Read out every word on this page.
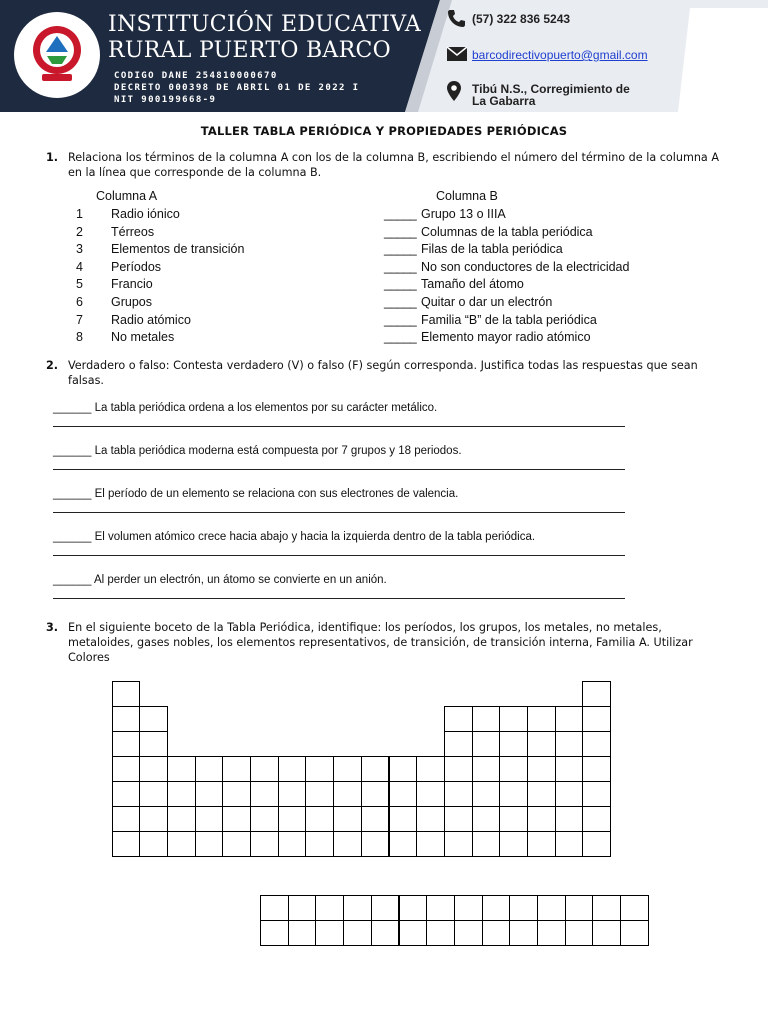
INSTITUCIÓN EDUCATIVA
RURAL PUERTO BARCO
CODIGO DANE 254810000670
DECRETO 000398 DE ABRIL 01 DE 2022 I
NIT 900199668-9
(57) 322 836 5243
barcodirectivopuerto@gmail.com
Tibú N.S., Corregimiento de
La Gabarra
TALLER TABLA PERIÓDICA Y PROPIEDADES PERIÓDICAS
1. Relaciona los términos de la columna A con los de la columna B, escribiendo el número del término de la columna A en la línea que corresponde de la columna B.
Columna A	Columna B
1 Radio iónico	_____ Grupo 13 o IIIA
2 Térreos	_____ Columnas de la tabla periódica
3 Elementos de transición	_____ Filas de la tabla periódica
4 Períodos	_____ No son conductores de la electricidad
5 Francio	_____ Tamaño del átomo
6 Grupos	_____ Quitar o dar un electrón
7 Radio atómico	_____ Familia “B” de la tabla periódica
8 No metales	_____ Elemento mayor radio atómico
2. Verdadero o falso: Contesta verdadero (V) o falso (F) según corresponda. Justifica todas las respuestas que sean falsas.
______ La tabla periódica ordena a los elementos por su carácter metálico.
______ La tabla periódica moderna está compuesta por 7 grupos y 18 periodos.
______ El período de un elemento se relaciona con sus electrones de valencia.
______ El volumen atómico crece hacia abajo y hacia la izquierda dentro de la tabla periódica.
______ Al perder un electrón, un átomo se convierte en un anión.
3. En el siguiente boceto de la Tabla Periódica, identifique: los períodos, los grupos, los metales, no metales, metaloides, gases nobles, los elementos representativos, de transición, de transición interna, Familia A. Utilizar Colores
